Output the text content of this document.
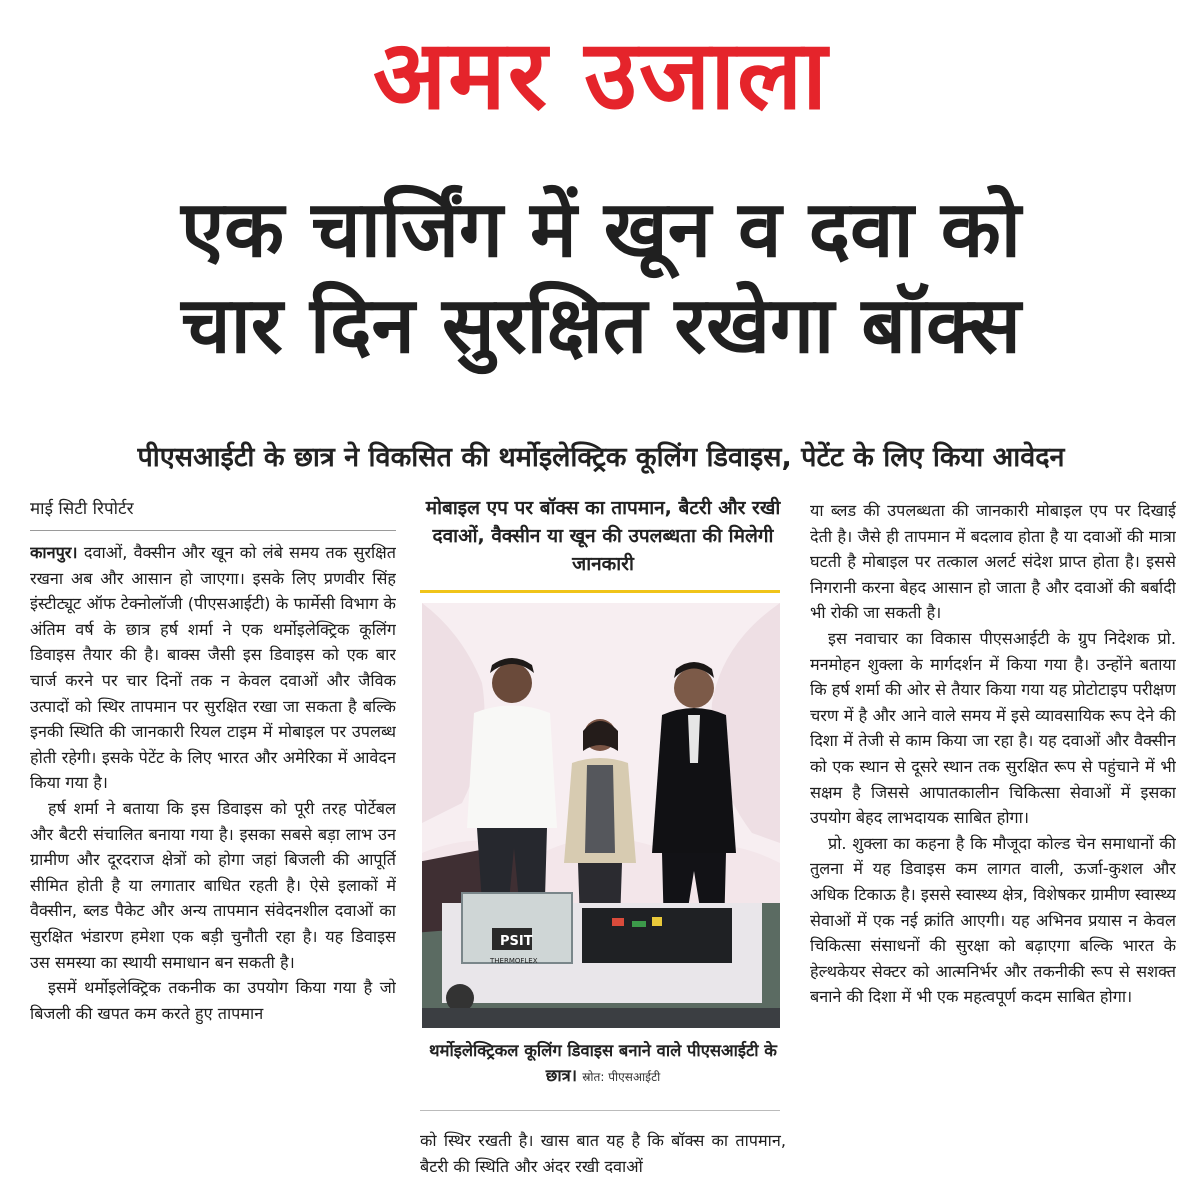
अमर उजाला
एक चार्जिंग में खून व दवा को
चार दिन सुरक्षित रखेगा बॉक्स
पीएसआईटी के छात्र ने विकसित की थर्मोइलेक्ट्रिक कूलिंग डिवाइस, पेटेंट के लिए किया आवेदन
माई सिटी रिपोर्टर

कानपुर। दवाओं, वैक्सीन और खून को लंबे समय तक सुरक्षित रखना अब और आसान हो जाएगा। इसके लिए प्रणवीर सिंह इंस्टीट्यूट ऑफ टेक्नोलॉजी (पीएसआईटी) के फार्मेसी विभाग के अंतिम वर्ष के छात्र हर्ष शर्मा ने एक थर्मोइलेक्ट्रिक कूलिंग डिवाइस तैयार की है। बाक्स जैसी इस डिवाइस को एक बार चार्ज करने पर चार दिनों तक न केवल दवाओं और जैविक उत्पादों को स्थिर तापमान पर सुरक्षित रखा जा सकता है बल्कि इनकी स्थिति की जानकारी रियल टाइम में मोबाइल पर उपलब्ध होती रहेगी। इसके पेटेंट के लिए भारत और अमेरिका में आवेदन किया गया है।

हर्ष शर्मा ने बताया कि इस डिवाइस को पूरी तरह पोर्टेबल और बैटरी संचालित बनाया गया है। इसका सबसे बड़ा लाभ उन ग्रामीण और दूरदराज क्षेत्रों को होगा जहां बिजली की आपूर्ति सीमित होती है या लगातार बाधित रहती है। ऐसे इलाकों में वैक्सीन, ब्लड पैकेट और अन्य तापमान संवेदनशील दवाओं का सुरक्षित भंडारण हमेशा एक बड़ी चुनौती रहा है। यह डिवाइस उस समस्या का स्थायी समाधान बन सकती है।

इसमें थर्मोइलेक्ट्रिक तकनीक का उपयोग किया गया है जो बिजली की खपत कम करते हुए तापमान

मोबाइल एप पर बॉक्स का तापमान, बैटरी और रखी दवाओं, वैक्सीन या खून की उपलब्धता की मिलेगी जानकारी
PSIT
THERMOFLEX
थर्मोइलेक्ट्रिकल कूलिंग डिवाइस बनाने वाले पीएसआईटी के छात्र। स्रोत: पीएसआईटी

को स्थिर रखती है। खास बात यह है कि बॉक्स का तापमान, बैटरी की स्थिति और अंदर रखी दवाओं

या ब्लड की उपलब्धता की जानकारी मोबाइल एप पर दिखाई देती है। जैसे ही तापमान में बदलाव होता है या दवाओं की मात्रा घटती है मोबाइल पर तत्काल अलर्ट संदेश प्राप्त होता है। इससे निगरानी करना बेहद आसान हो जाता है और दवाओं की बर्बादी भी रोकी जा सकती है।

इस नवाचार का विकास पीएसआईटी के ग्रुप निदेशक प्रो. मनमोहन शुक्ला के मार्गदर्शन में किया गया है। उन्होंने बताया कि हर्ष शर्मा की ओर से तैयार किया गया यह प्रोटोटाइप परीक्षण चरण में है और आने वाले समय में इसे व्यावसायिक रूप देने की दिशा में तेजी से काम किया जा रहा है। यह दवाओं और वैक्सीन को एक स्थान से दूसरे स्थान तक सुरक्षित रूप से पहुंचाने में भी सक्षम है जिससे आपातकालीन चिकित्सा सेवाओं में इसका उपयोग बेहद लाभदायक साबित होगा।

प्रो. शुक्ला का कहना है कि मौजूदा कोल्ड चेन समाधानों की तुलना में यह डिवाइस कम लागत वाली, ऊर्जा-कुशल और अधिक टिकाऊ है। इससे स्वास्थ्य क्षेत्र, विशेषकर ग्रामीण स्वास्थ्य सेवाओं में एक नई क्रांति आएगी। यह अभिनव प्रयास न केवल चिकित्सा संसाधनों की सुरक्षा को बढ़ाएगा बल्कि भारत के हेल्थकेयर सेक्टर को आत्मनिर्भर और तकनीकी रूप से सशक्त बनाने की दिशा में भी एक महत्वपूर्ण कदम साबित होगा।
